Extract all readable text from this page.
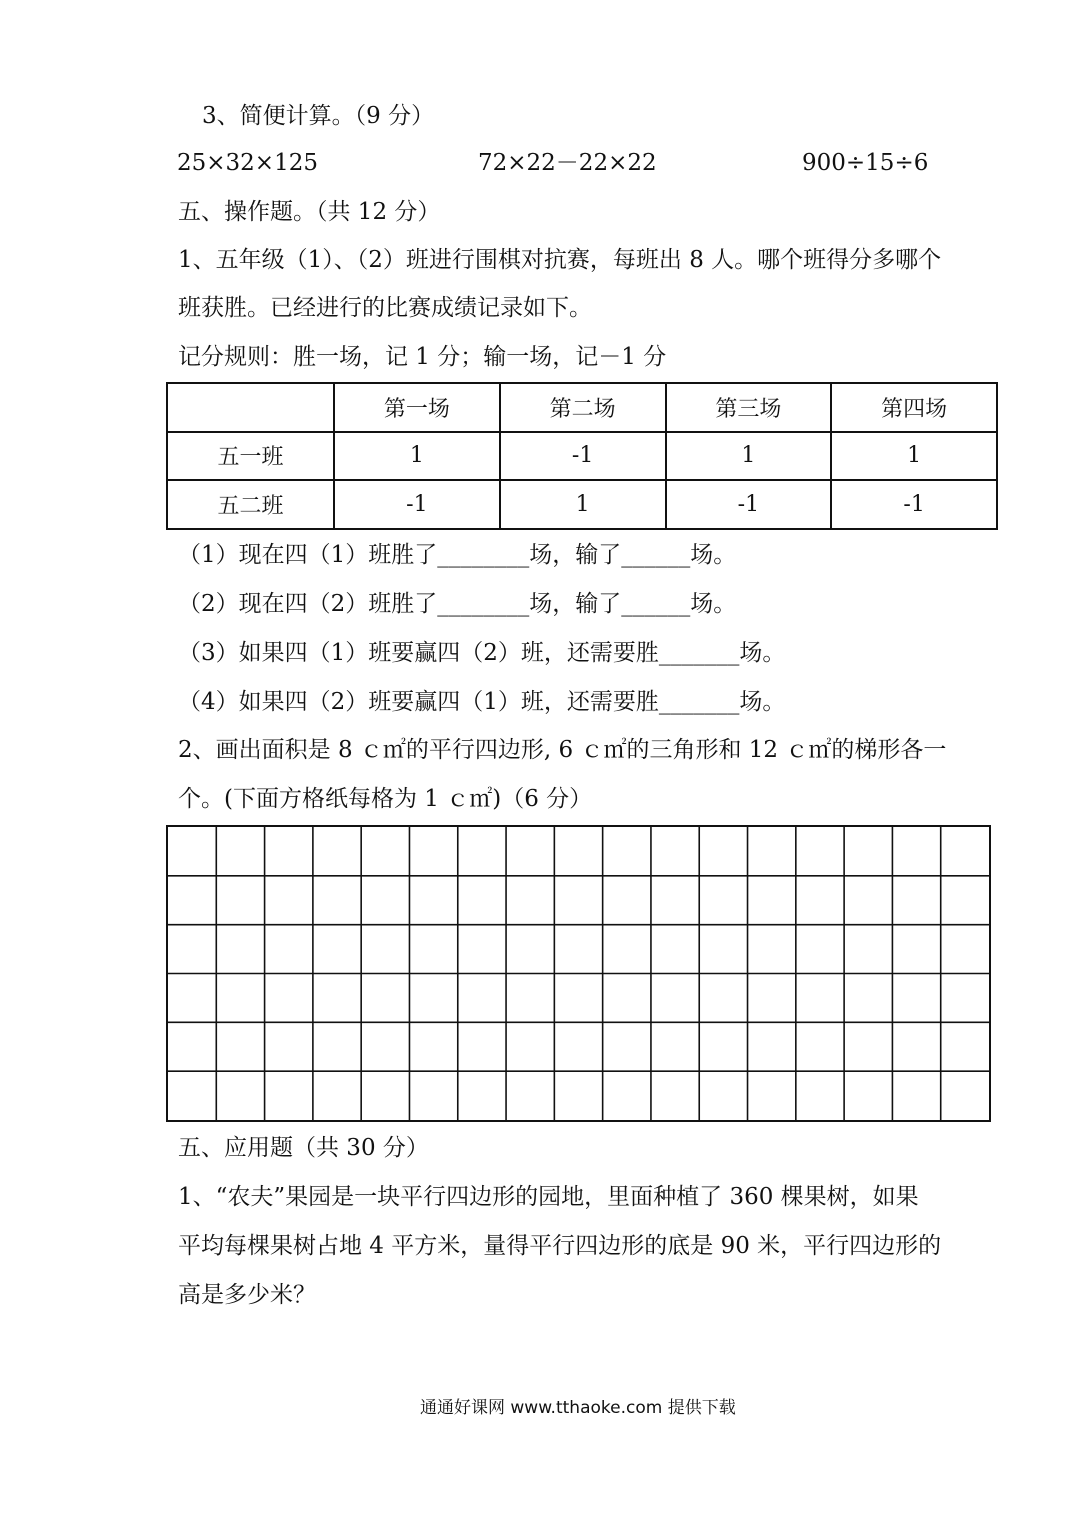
3、简便计算。（9 分）
25×32×125	72×22－22×22	900÷15÷6
五、操作题。（共 12 分）
1、五年级（1）、（2）班进行围棋对抗赛，每班出 8 人。哪个班得分多哪个
班获胜。已经进行的比赛成绩记录如下。
记分规则：胜一场，记 1 分；输一场，记－1 分
	第一场	第二场	第三场	第四场
五一班	1	-1	1	1
五二班	-1	1	-1	-1
（1）现在四（1）班胜了________场，输了______场。
（2）现在四（2）班胜了________场，输了______场。
（3）如果四（1）班要赢四（2）班，还需要胜_______场。
（4）如果四（2）班要赢四（1）班，还需要胜_______场。
2、画出面积是 8 ｃ㎡的平行四边形, 6 ｃ㎡的三角形和 12 ｃ㎡的梯形各一
个。(下面方格纸每格为 1 ｃ㎡)（6 分）
五、应用题（共 30 分）
1、“农夫”果园是一块平行四边形的园地，里面种植了 360 棵果树，如果
平均每棵果树占地 4 平方米，量得平行四边形的底是 90 米，平行四边形的
高是多少米？
通通好课网 www.tthaoke.com 提供下载
